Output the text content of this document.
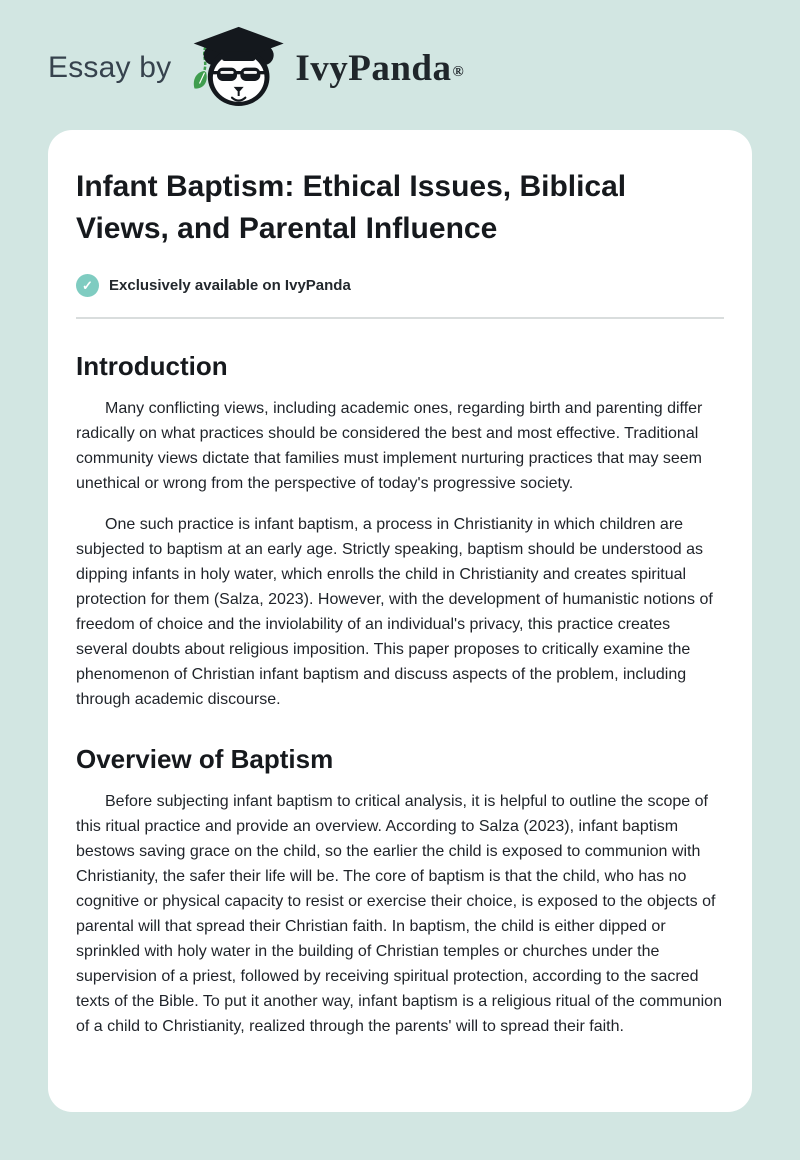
Essay by	IvyPanda®
Infant Baptism: Ethical Issues, Biblical Views, and Parental Influence
✓	Exclusively available on IvyPanda
Introduction

Many conflicting views, including academic ones, regarding birth and parenting differ radically on what practices should be considered the best and most effective. Traditional community views dictate that families must implement nurturing practices that may seem unethical or wrong from the perspective of today's progressive society.

One such practice is infant baptism, a process in Christianity in which children are subjected to baptism at an early age. Strictly speaking, baptism should be understood as dipping infants in holy water, which enrolls the child in Christianity and creates spiritual protection for them (Salza, 2023). However, with the development of humanistic notions of freedom of choice and the inviolability of an individual's privacy, this practice creates several doubts about religious imposition. This paper proposes to critically examine the phenomenon of Christian infant baptism and discuss aspects of the problem, including through academic discourse.

Overview of Baptism

Before subjecting infant baptism to critical analysis, it is helpful to outline the scope of this ritual practice and provide an overview. According to Salza (2023), infant baptism bestows saving grace on the child, so the earlier the child is exposed to communion with Christianity, the safer their life will be. The core of baptism is that the child, who has no cognitive or physical capacity to resist or exercise their choice, is exposed to the objects of parental will that spread their Christian faith. In baptism, the child is either dipped or sprinkled with holy water in the building of Christian temples or churches under the supervision of a priest, followed by receiving spiritual protection, according to the sacred texts of the Bible. To put it another way, infant baptism is a religious ritual of the communion of a child to Christianity, realized through the parents' will to spread their faith.
